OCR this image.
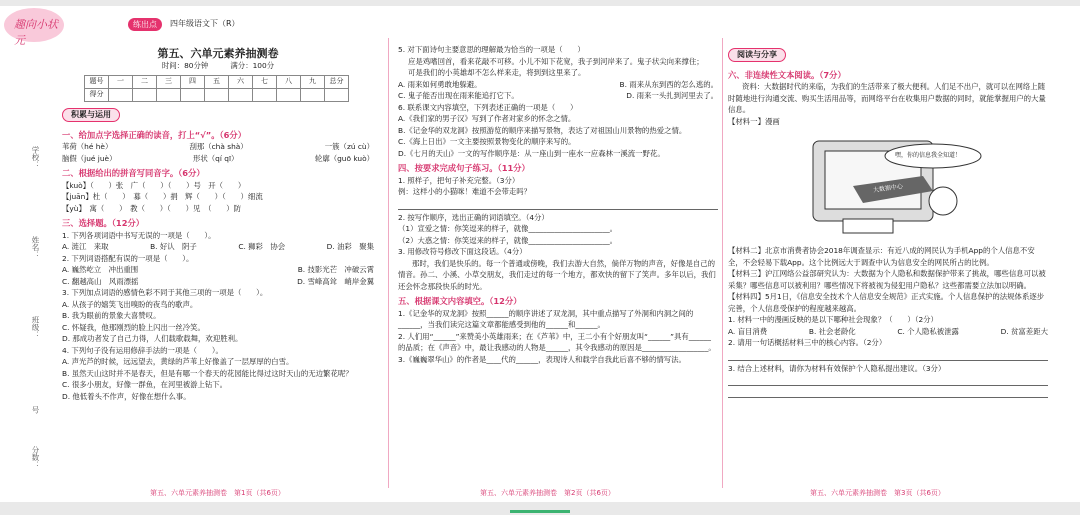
趣向小状元
练出点	四年级语文下（R）
学校：
姓名：
班级：
号
分数：
第五、六单元素养抽测卷
时间：80分钟　　　满分：100分
题号	一	二	三	四	五	六	七	八	九	总分
得分										
积累与运用
一、给加点字选择正确的读音，打上“√”。（6分）
苇荷（hé hè）	刮那（chà shà）	一簇（zú cù）
脑假（jué juè）	形状（qí qī）	轮廓（guō kuò）
二、根据给出的拼音写同音字。（6分）
【kuò】（　　）张　广（　　）（　　）号　开（　　）
【juān】杜（　　）　募（　　）捐　辉（　　）（　　）细流
【yù】　寓（　　）　教（　　）（　　）见　（　　）防
三、选择题。（12分）
1. 下列各项词语中书写无误的一项是（　　）。
A. 涟江　来取	B. 好认　阴子	C. 狮彩　协会	D. 油彩　聚集
2. 下列词语搭配有误的一项是（　　）。
A. 巍然屹立　冲出重围	B. 技影光芒　冲破云霄
C. 翻越高山　风雨漂摇	D. 雪峰高耸　峭岸金翼
3. 下列加点词语的感情色彩不同于其他三项的一项是（　　）。
A. 从孩子的嬉笑飞出嗅盼的夜鸟的歌声。
B. 我为眼前的景象大喜赞叹。
C. 怀疑我，他那刚烈的脸上闪出一丝冷笑。
D. 那成功者发了自己力得，人们载歌载舞，欢迎胜利。
4. 下列句子没有运用修辞手法的一项是（　　）。
A. 声光芦的时候，远远望去，黄绿的芦苇上好像盖了一层厚厚的白雪。
B. 虽然天山这时并不是春天，但是有哪一个春天的花园能比得过这时天山的无边繁花呢？
C. 很多小朋友，好像一群鱼，在河里被游上钻下。
D. 他低着头不作声，好像在想什么事。
5. 对下面诗句主要意思的理解最为恰当的一项是（　　）
应是鸡嗜回首，看来花敲不可移。小儿不知下花宽，我子到河岸来了。鬼子状尖向来撑住；
可是我们的小英雄却不怎么样来走，将到到这里来了。
A. 雨来如何勇敢地躲避。	B. 雨来从东到西的怎么逃的。
C. 鬼子能否出现在雨来能追打它下。	D. 雨来一头扎到河里去了。
6. 联系课文内容填空，下列表述正确的一项是（　　）
A.《我们家的男子汉》写到了作者对家乡的怀念之情。
B.《记金华的双龙洞》按照游览的顺序来描写景物，表达了对祖国山川景物的热爱之情。
C.《海上日出》一文主要按照景物变化的顺序来写的。
D.《七月的天山》一文的写作顺序是：从一座山到一座水一应森林一溪流一野花。
四、按要求完成句子练习。（11分）
1. 照样子，把句子补充完整。（3分）
例：这样小的小猫咪！难道不会带走吗？
2. 按写作顺序，选出正确的词语填空。（4分）
（1）宣爱之情：你笑逗来的样子，就像______________________。
（2）大惑之情：你笑逗来的样子，就像______________________。
3. 用修改符号修改下面这段话。（4分）
那时，我们是快乐的。每一个普通或傍晚，我们去游大自然，倘佯万物的声音，好像是自己的情音。孙二、小溪、小草交朋友，我们走过的每一个地方，都欢快的留下了笑声。多年以后，我们还会怀念那段快乐的时光。
五、根据课文内容填空。（12分）
1.《记金华的双龙洞》按照______的顺序讲述了双龙洞，其中重点描写了外洞和内洞之间的______，当我们读完这篇文章都能感受到他的______和______。
2. 人们用“______”来赞美小英雄雨来；在《芦苇》中，王二小有个好朋友叫“______”具有______的品质；在《声音》中，最让我感动的人物是______，其令我感动的原因是__________________。
3.《巍巍翠华山》的作者是____代的______，表现诗人和载学自我此后喜不够的情写法。
阅读与分享
六、非连续性文本阅读。（7分）
资料：大数据时代的来临，为我们的生活带来了极大便利。人们足不出户，就可以在网络上随时随地进行沟通交流、购买生活用品等，而网络平台在收集用户数据的同时，就能掌握用户的大量信息。
【材料一】漫画
嘿，你的信息我全知道！
大数据中心
【材料二】北京市消费者协会2018年调查显示：有近八成的网民认为手机App的个人信息不安全，不会轻易下载App。这个比例远大于调查中认为信息安全的网民所占的比例。
【材料三】沪江网络公益部研究认为：大数据为个人隐私和数据保护带来了挑战，哪些信息可以被采集？哪些信息可以被利用？哪些情况下将被视为侵犯用户隐私？这些都需要立法加以明确。
【材料四】5月1日，《信息安全技术个人信息安全规范》正式实施。个人信息保护的法规体系逐步完善，个人信息受保护的程度越来越高。
1. 材料一中的漫画反映的是以下哪种社会现象？（　　）（2分）
A. 盲目消费	B. 社会老龄化	C. 个人隐私被泄露	D. 贫富差距大
2. 请用一句话概括材料三中的核心内容。（2分）
3. 结合上述材料，请你为材料有效保护个人隐私提出建议。（3分）
第五、六单元素养抽测卷　第1页（共6页）	第五、六单元素养抽测卷　第2页（共6页）	第五、六单元素养抽测卷　第3页（共6页）
